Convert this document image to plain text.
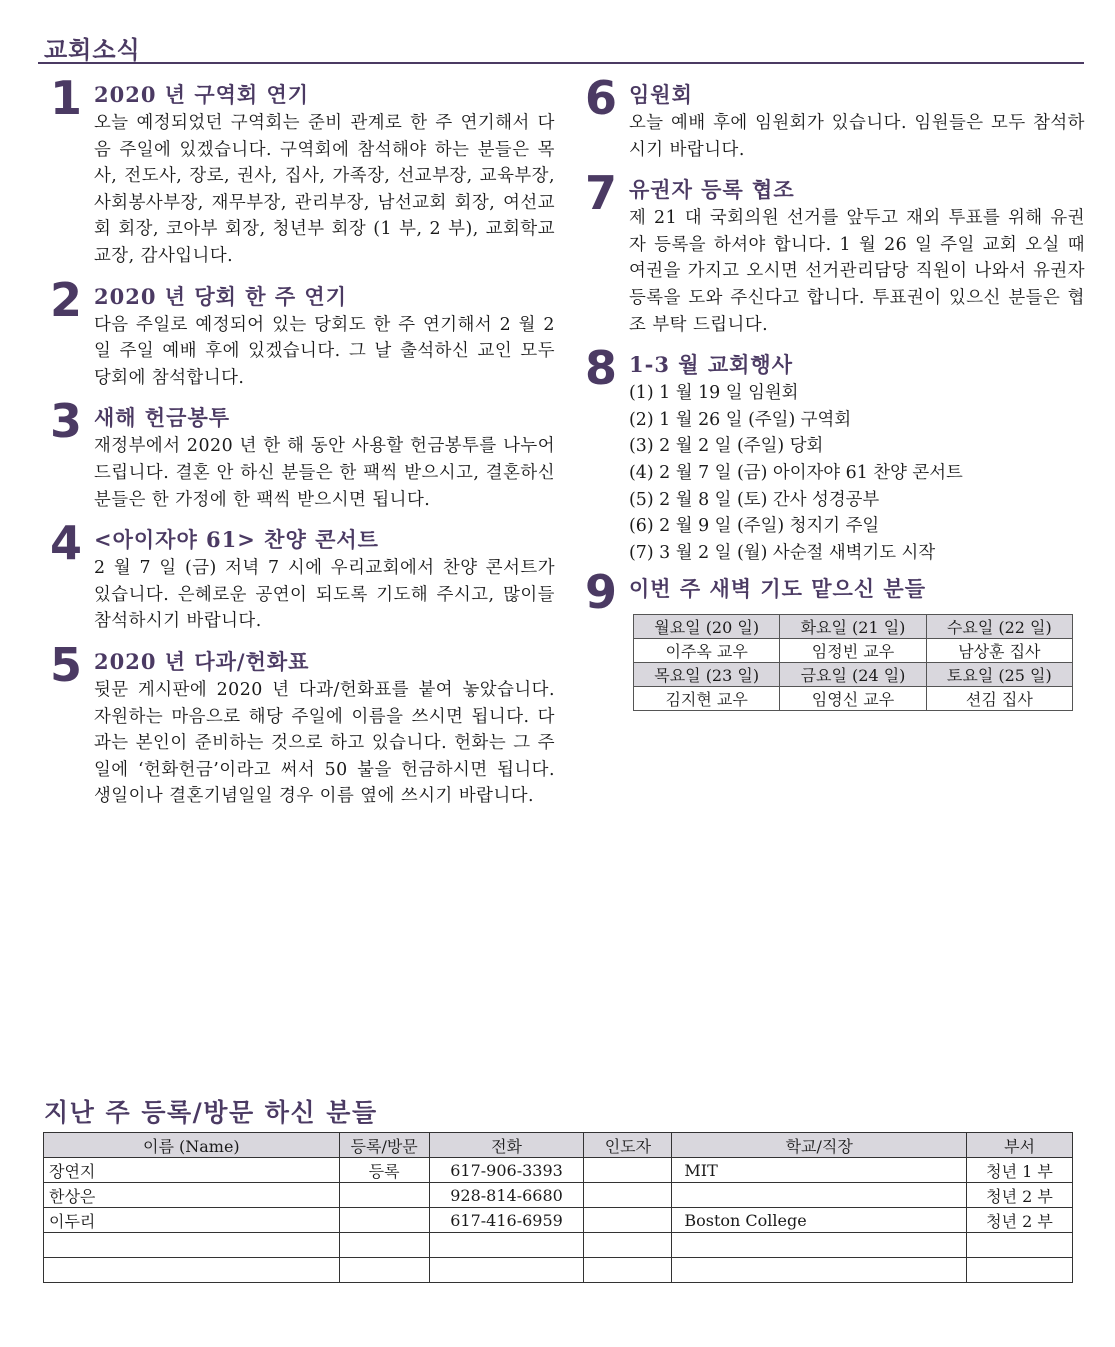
교회소식
1 2020 년 구역회 연기
오늘 예정되었던 구역회는 준비 관계로 한 주 연기해서 다음 주일에 있겠습니다. 구역회에 참석해야 하는 분들은 목사, 전도사, 장로, 권사, 집사, 가족장, 선교부장, 교육부장, 사회봉사부장, 재무부장, 관리부장, 남선교회 회장, 여선교회 회장, 코아부 회장, 청년부 회장 (1 부, 2 부), 교회학교 교장, 감사입니다.
2 2020 년 당회 한 주 연기
다음 주일로 예정되어 있는 당회도 한 주 연기해서 2 월 2 일 주일 예배 후에 있겠습니다. 그 날 출석하신 교인 모두 당회에 참석합니다.
3 새해 헌금봉투
재정부에서 2020 년 한 해 동안 사용할 헌금봉투를 나누어 드립니다. 결혼 안 하신 분들은 한 팩씩 받으시고, 결혼하신 분들은 한 가정에 한 팩씩 받으시면 됩니다.
4 <아이자야 61> 찬양 콘서트
2 월 7 일 (금) 저녁 7 시에 우리교회에서 찬양 콘서트가 있습니다. 은혜로운 공연이 되도록 기도해 주시고, 많이들 참석하시기 바랍니다.
5 2020 년 다과/헌화표
뒷문 게시판에 2020 년 다과/헌화표를 붙여 놓았습니다. 자원하는 마음으로 해당 주일에 이름을 쓰시면 됩니다. 다과는 본인이 준비하는 것으로 하고 있습니다. 헌화는 그 주일에 ‘헌화헌금’이라고 써서 50 불을 헌금하시면 됩니다. 생일이나 결혼기념일일 경우 이름 옆에 쓰시기 바랍니다.
6 임원회
오늘 예배 후에 임원회가 있습니다. 임원들은 모두 참석하시기 바랍니다.
7 유권자 등록 협조
제 21 대 국회의원 선거를 앞두고 재외 투표를 위해 유권자 등록을 하셔야 합니다. 1 월 26 일 주일 교회 오실 때 여권을 가지고 오시면 선거관리담당 직원이 나와서 유권자 등록을 도와 주신다고 합니다. 투표권이 있으신 분들은 협조 부탁 드립니다.
8 1-3 월 교회행사
(1) 1 월 19 일 임원회
(2) 1 월 26 일 (주일) 구역회
(3) 2 월 2 일 (주일) 당회
(4) 2 월 7 일 (금) 아이자야 61 찬양 콘서트
(5) 2 월 8 일 (토) 간사 성경공부
(6) 2 월 9 일 (주일) 청지기 주일
(7) 3 월 2 일 (월) 사순절 새벽기도 시작
9 이번 주 새벽 기도 맡으신 분들
월요일 (20 일)	화요일 (21 일)	수요일 (22 일)
이주옥 교우	임정빈 교우	남상훈 집사
목요일 (23 일)	금요일 (24 일)	토요일 (25 일)
김지현 교우	임영신 교우	션김 집사
지난 주 등록/방문 하신 분들
이름 (Name)	등록/방문	전화	인도자	학교/직장	부서
장연지	등록	617-906-3393		MIT	청년 1 부
한상은		928-814-6680			청년 2 부
이두리		617-416-6959		Boston College	청년 2 부
